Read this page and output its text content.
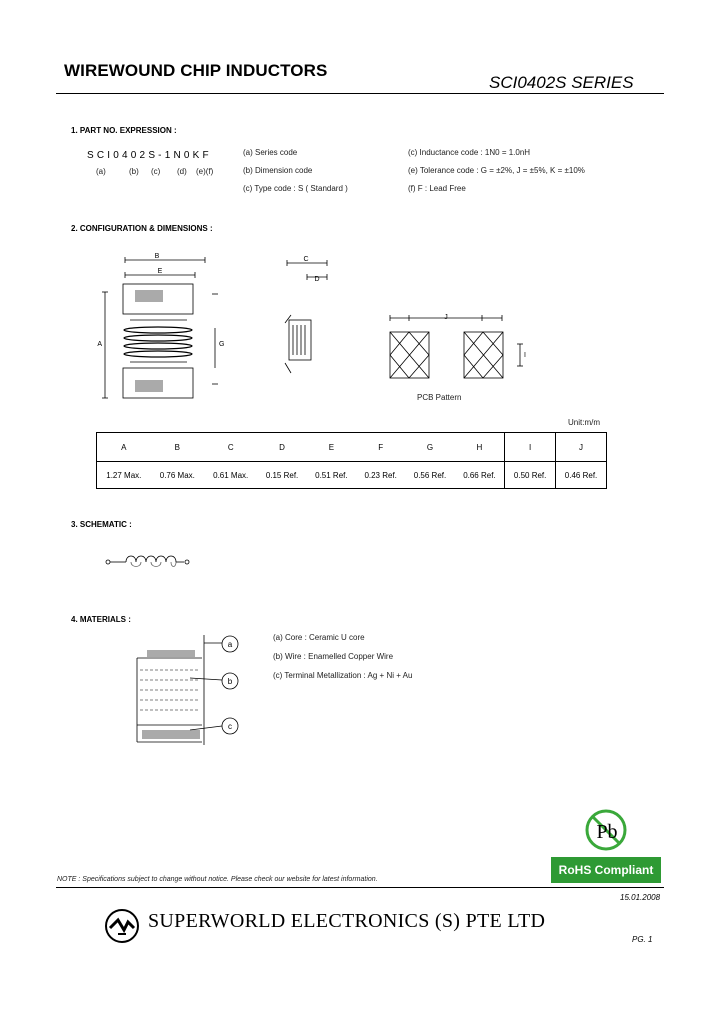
WIREWOUND CHIP INDUCTORS
SCI0402S SERIES
1. PART NO. EXPRESSION :
SCI0402S-1N0KF
(a)	(b) (c) (d) (e)(f)
(a) Series code
(b) Dimension code
(c) Type code : S ( Standard )
(c) Inductance code : 1N0 = 1.0nH
(e) Tolerance code : G = ±2%, J = ±5%, K = ±10%
(f) F : Lead Free
2. CONFIGURATION & DIMENSIONS :
B
E
A	G
C
D
J
I
PCB Pattern
Unit:m/m
A	B	C	D	E	F	G	H	I	J
1.27 Max.	0.76 Max.	0.61 Max.	0.15 Ref.	0.51 Ref.	0.23 Ref.	0.56 Ref.	0.66 Ref.	0.50 Ref.	0.46 Ref.
3. SCHEMATIC :
4. MATERIALS :
a
b
c
(a) Core : Ceramic U core
(b) Wire : Enamelled Copper Wire
(c) Terminal Metallization : Ag + Ni + Au
Pb
RoHS Compliant
NOTE : Specifications subject to change without notice. Please check our website for latest information.
15.01.2008
SUPERWORLD ELECTRONICS (S) PTE LTD
PG. 1
